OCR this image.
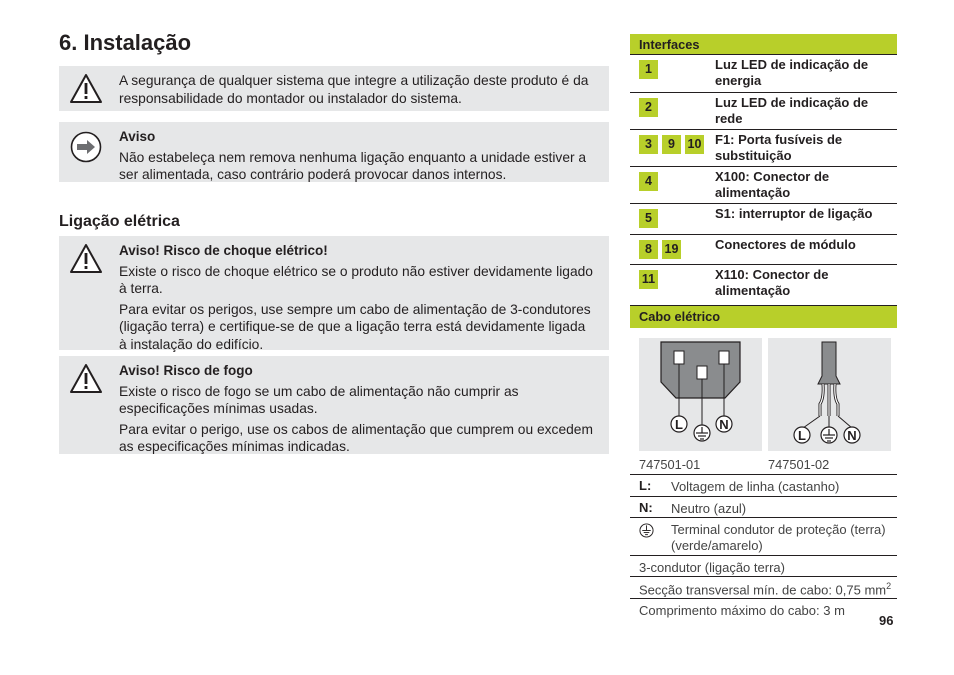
6. Instalação

A segurança de qualquer sistema que integre a utilização deste produto é da responsabilidade do montador ou instalador do sistema.

Aviso

Não estabeleça nem remova nenhuma ligação enquanto a unidade estiver a ser alimentada, caso contrário poderá provocar danos internos.

Ligação elétrica

Aviso! Risco de choque elétrico!

Existe o risco de choque elétrico se o produto não estiver devidamente ligado à terra.

Para evitar os perigos, use sempre um cabo de alimentação de 3-condutores (ligação terra) e certifique-se de que a ligação terra está devidamente ligada à instalação do edifício.

Aviso! Risco de fogo

Existe o risco de fogo se um cabo de alimentação não cumprir as especificações mínimas usadas.

Para evitar o perigo, use os cabos de alimentação que cumprem ou excedem as especificações mínimas indicadas.

Interfaces
1	Luz LED de indicação de energia
2	Luz LED de indicação de rede
3	9	10	F1: Porta fusíveis de substituição
4	X100: Conector de alimentação
5	S1: interruptor de ligação
8	19	Conectores de módulo
11	X110: Conector de alimentação
Cabo elétrico
L	N
L	N
747501-01	747501-02
L: Voltagem de linha (castanho)
N: Neutro (azul)
Terminal condutor de proteção (terra) (verde/amarelo)
3-condutor (ligação terra)
Secção transversal mín. de cabo: 0,75 $mm^2$
Comprimento máximo do cabo: 3 m
96
